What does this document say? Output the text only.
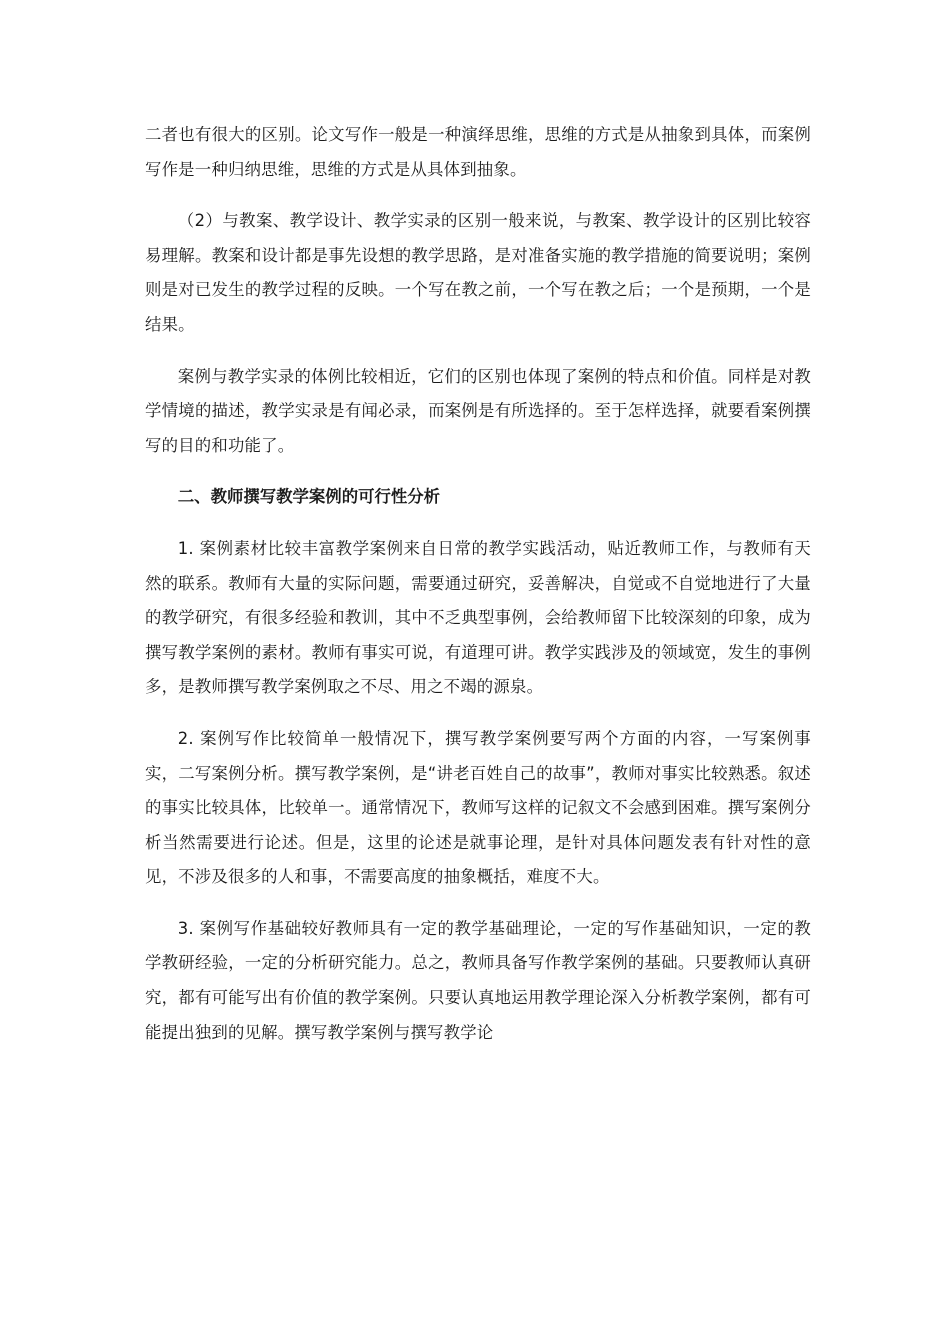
二者也有很大的区别。论文写作一般是一种演绎思维，思维的方式是从抽象到具体，而案例写作是一种归纳思维，思维的方式是从具体到抽象。

（2）与教案、教学设计、教学实录的区别一般来说，与教案、教学设计的区别比较容易理解。教案和设计都是事先设想的教学思路，是对准备实施的教学措施的简要说明；案例则是对已发生的教学过程的反映。一个写在教之前，一个写在教之后；一个是预期，一个是结果。

案例与教学实录的体例比较相近，它们的区别也体现了案例的特点和价值。同样是对教学情境的描述，教学实录是有闻必录，而案例是有所选择的。至于怎样选择，就要看案例撰写的目的和功能了。

二、教师撰写教学案例的可行性分析

1. 案例素材比较丰富教学案例来自日常的教学实践活动，贴近教师工作，与教师有天然的联系。教师有大量的实际问题，需要通过研究，妥善解决，自觉或不自觉地进行了大量的教学研究，有很多经验和教训，其中不乏典型事例，会给教师留下比较深刻的印象，成为撰写教学案例的素材。教师有事实可说，有道理可讲。教学实践涉及的领域宽，发生的事例多，是教师撰写教学案例取之不尽、用之不竭的源泉。

2. 案例写作比较简单一般情况下，撰写教学案例要写两个方面的内容，一写案例事实，二写案例分析。撰写教学案例，是“讲老百姓自己的故事”，教师对事实比较熟悉。叙述的事实比较具体，比较单一。通常情况下，教师写这样的记叙文不会感到困难。撰写案例分析当然需要进行论述。但是，这里的论述是就事论理，是针对具体问题发表有针对性的意见，不涉及很多的人和事，不需要高度的抽象概括，难度不大。

3. 案例写作基础较好教师具有一定的教学基础理论，一定的写作基础知识，一定的教学教研经验，一定的分析研究能力。总之，教师具备写作教学案例的基础。只要教师认真研究，都有可能写出有价值的教学案例。只要认真地运用教学理论深入分析教学案例，都有可能提出独到的见解。撰写教学案例与撰写教学论
